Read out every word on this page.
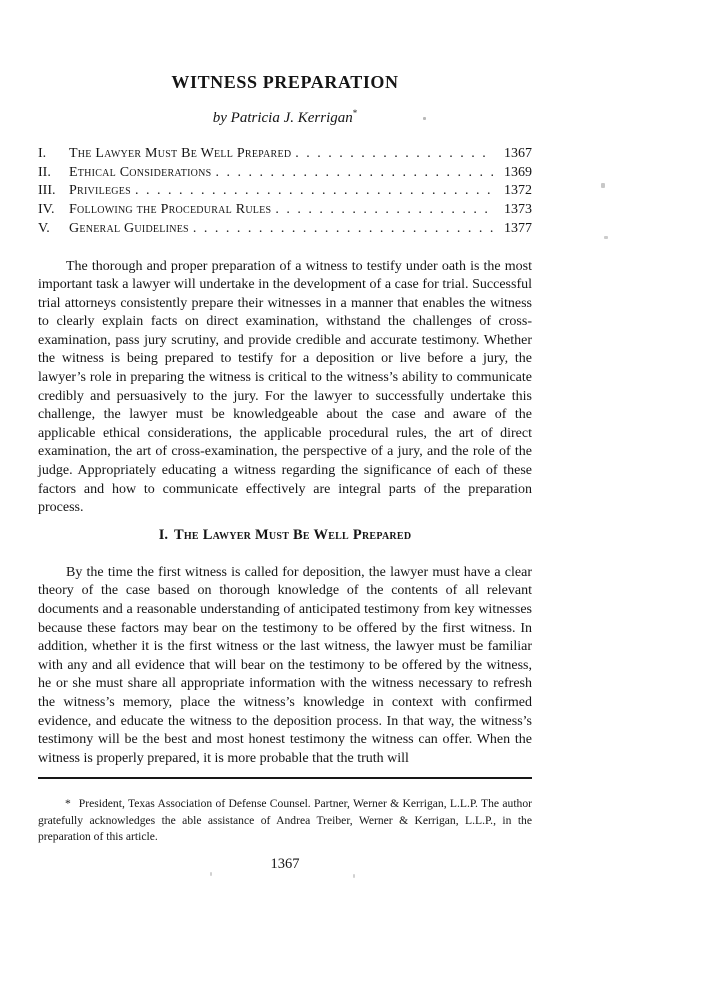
WITNESS PREPARATION
by Patricia J. Kerrigan*
I.	The Lawyer Must Be Well Prepared . . .	1367
II.	Ethical Considerations . . .	1369
III. Privileges . . .	1372
IV.	Following the Procedural Rules . . .	1373
V.	General Guidelines . . .	1377

The thorough and proper preparation of a witness to testify under oath is the most important task a lawyer will undertake in the development of a case for trial. Successful trial attorneys consistently prepare their witnesses in a manner that enables the witness to clearly explain facts on direct examination, withstand the challenges of cross-examination, pass jury scrutiny, and provide credible and accurate testimony. Whether the witness is being prepared to testify for a deposition or live before a jury, the lawyer’s role in preparing the witness is critical to the witness’s ability to communicate credibly and persuasively to the jury. For the lawyer to successfully undertake this challenge, the lawyer must be knowledgeable about the case and aware of the applicable ethical considerations, the applicable procedural rules, the art of direct examination, the art of cross-examination, the perspective of a jury, and the role of the judge. Appropriately educating a witness regarding the significance of each of these factors and how to communicate effectively are integral parts of the preparation process.

I. The Lawyer Must Be Well Prepared

By the time the first witness is called for deposition, the lawyer must have a clear theory of the case based on thorough knowledge of the contents of all relevant documents and a reasonable understanding of anticipated testimony from key witnesses because these factors may bear on the testimony to be offered by the first witness. In addition, whether it is the first witness or the last witness, the lawyer must be familiar with any and all evidence that will bear on the testimony to be offered by the witness, he or she must share all appropriate information with the witness necessary to refresh the witness’s memory, place the witness’s knowledge in context with confirmed evidence, and educate the witness to the deposition process. In that way, the witness’s testimony will be the best and most honest testimony the witness can offer. When the witness is properly prepared, it is more probable that the truth will

* President, Texas Association of Defense Counsel. Partner, Werner & Kerrigan, L.L.P. The author gratefully acknowledges the able assistance of Andrea Treiber, Werner & Kerrigan, L.L.P., in the preparation of this article.

1367
